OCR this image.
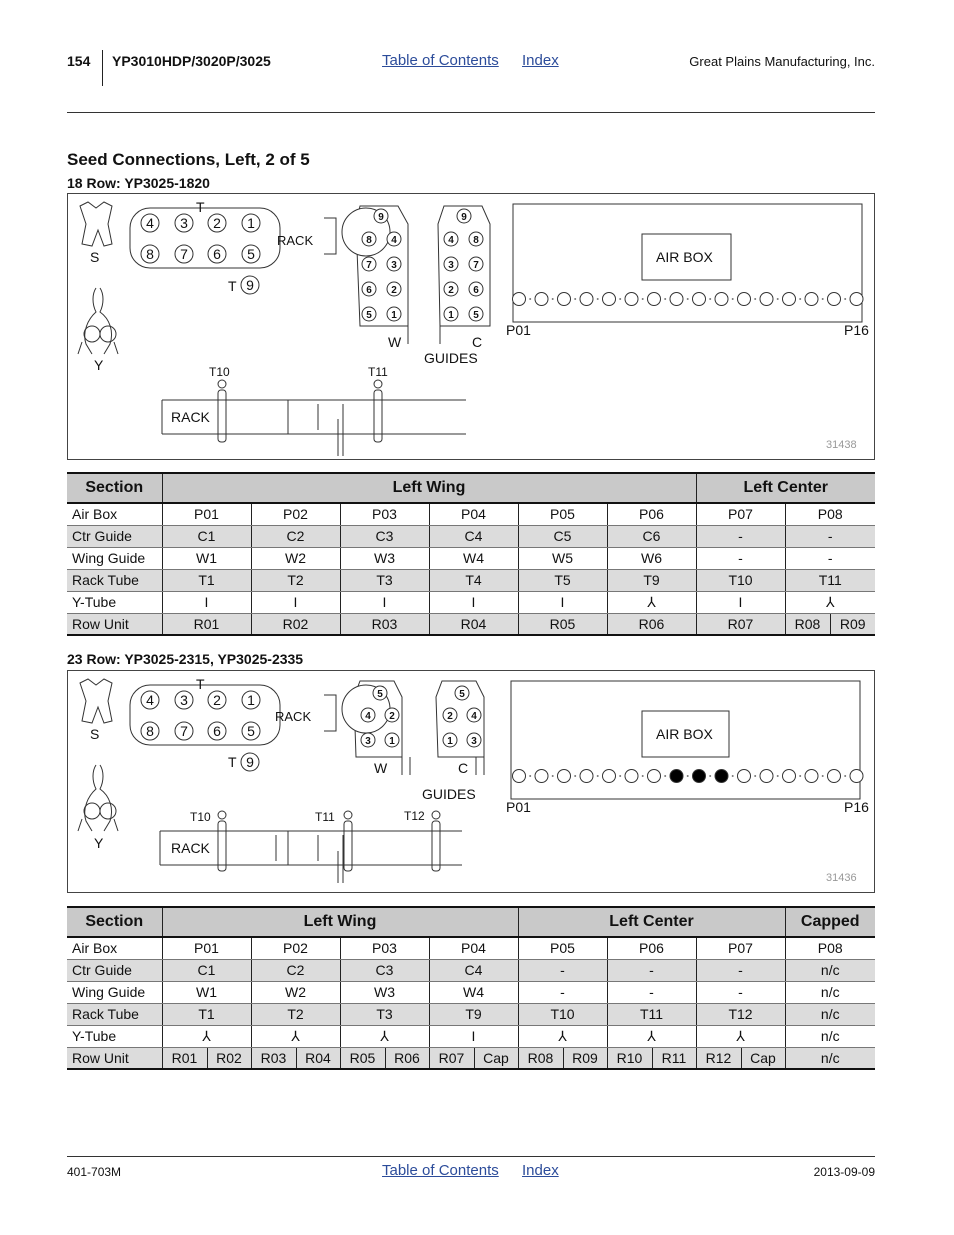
154 YP3010HDP/3020P/3025	Table of Contents Index	Great Plains Manufacturing, Inc.
Seed Connections, Left, 2 of 5
18 Row: YP3025-1820
4 3 2 1
8 7 6 5
9
9
8 4
7 3
6 2
5 1
9
4 8
3 7
2 6
1 5
T
S
Y
T
W	C
GUIDES
AIR BOX
P01	P16
RACK
RACK
T10	T11
31438
Section	Left Wing						Left Center		
Air Box	P01	P02	P03	P04	P05	P06	P07	P08	
Ctr Guide	C1	C2	C3	C4	C5	C6	-	-	
Wing Guide	W1	W2	W3	W4	W5	W6	-	-	
Rack Tube	T1	T2	T3	T4	T5	T9	T10	T11	
Y-Tube	I	I	I	I	I	⅄	I	⅄	
Row Unit	R01	R02	R03	R04	R05	R06	R07	R08	R09
23 Row: YP3025-2315, YP3025-2335
4 3 2 1
8 7 6 5
9
5
4 2
3 1
5
2 4
1 3
T
S
Y
T	W	C
GUIDES
AIR BOX
P01	P16
RACK
RACK
T10	T11	T12
31436
Section	Left Wing								Left Center						Capped
Air Box	P01		P02		P03		P04		P05		P06		P07		P08
Ctr Guide	C1		C2		C3		C4		-		-		-		n/c
Wing Guide	W1		W2		W3		W4		-		-		-		n/c
Rack Tube	T1		T2		T3		T9		T10		T11		T12		n/c
Y-Tube	⅄		⅄		⅄		I		⅄		⅄		⅄		n/c
Row Unit	R01	R02	R03	R04	R05	R06	R07	Cap	R08	R09	R10	R11	R12	Cap	n/c
401-703M	Table of Contents Index	2013-09-09
